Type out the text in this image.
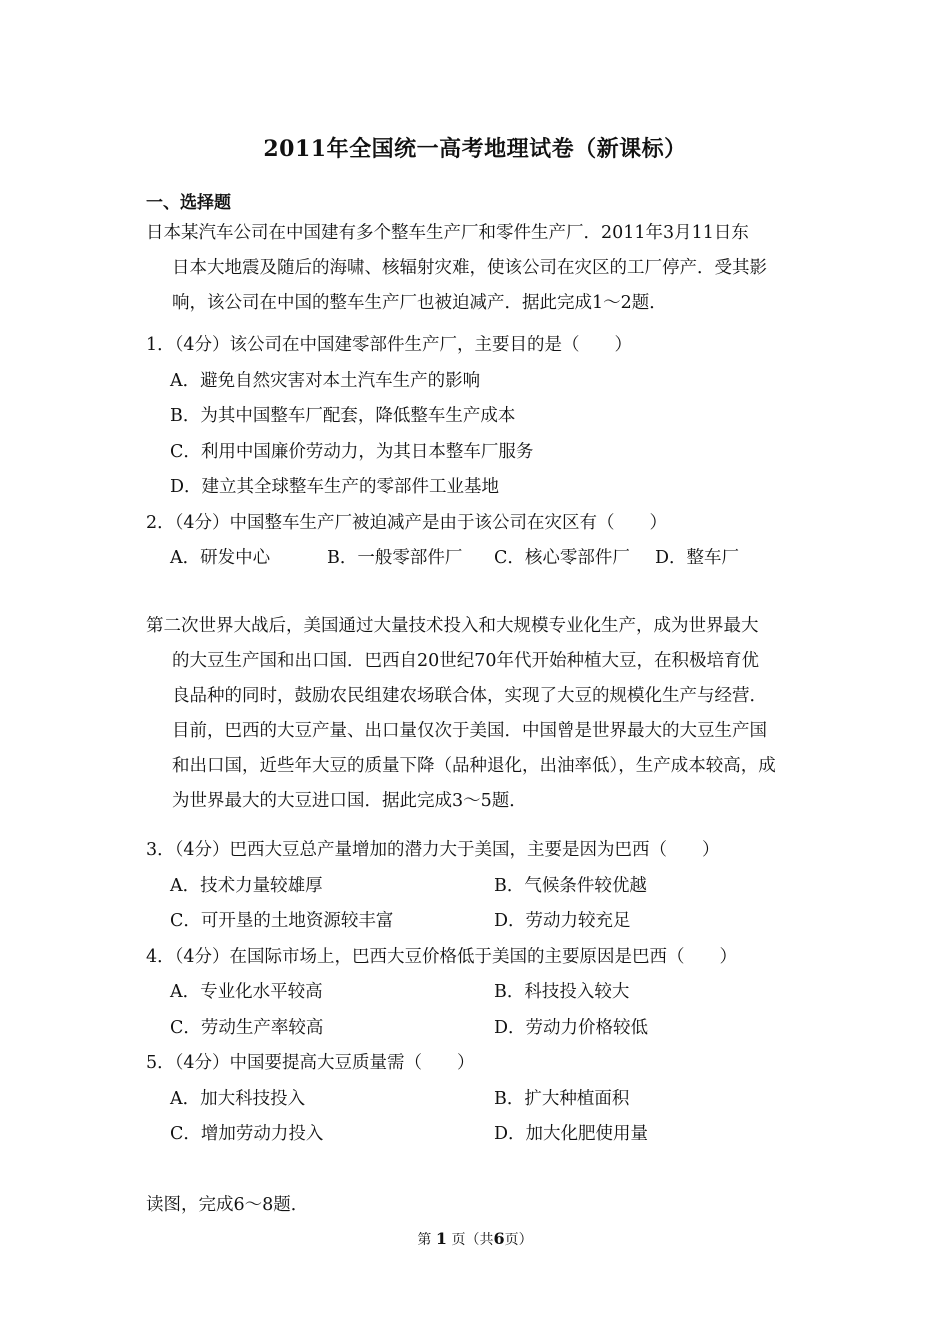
2011年全国统一高考地理试卷（新课标）
一、选择题
日本某汽车公司在中国建有多个整车生产厂和零件生产厂．2011年3月11日东
日本大地震及随后的海啸、核辐射灾难，使该公司在灾区的工厂停产．受其影
响，该公司在中国的整车生产厂也被迫减产．据此完成1～2题．
1．（4分）该公司在中国建零部件生产厂，主要目的是（　　）
A．避免自然灾害对本土汽车生产的影响
B．为其中国整车厂配套，降低整车生产成本
C．利用中国廉价劳动力，为其日本整车厂服务
D．建立其全球整车生产的零部件工业基地
2．（4分）中国整车生产厂被迫减产是由于该公司在灾区有（　　）
A．研发中心	B．一般零部件厂 C．核心零部件厂 D．整车厂
第二次世界大战后，美国通过大量技术投入和大规模专业化生产，成为世界最大
的大豆生产国和出口国．巴西自20世纪70年代开始种植大豆，在积极培育优
良品种的同时，鼓励农民组建农场联合体，实现了大豆的规模化生产与经营．
目前，巴西的大豆产量、出口量仅次于美国．中国曾是世界最大的大豆生产国
和出口国，近些年大豆的质量下降（品种退化，出油率低），生产成本较高，成
为世界最大的大豆进口国．据此完成3～5题．
3．（4分）巴西大豆总产量增加的潜力大于美国，主要是因为巴西（　　）
A．技术力量较雄厚	B．气候条件较优越
C．可开垦的土地资源较丰富	D．劳动力较充足
4．（4分）在国际市场上，巴西大豆价格低于美国的主要原因是巴西（　　）
A．专业化水平较高	B．科技投入较大
C．劳动生产率较高	D．劳动力价格较低
5．（4分）中国要提高大豆质量需（　　）
A．加大科技投入	B．扩大种植面积
C．增加劳动力投入	D．加大化肥使用量
读图，完成6～8题．
第 1 页（共6页）
